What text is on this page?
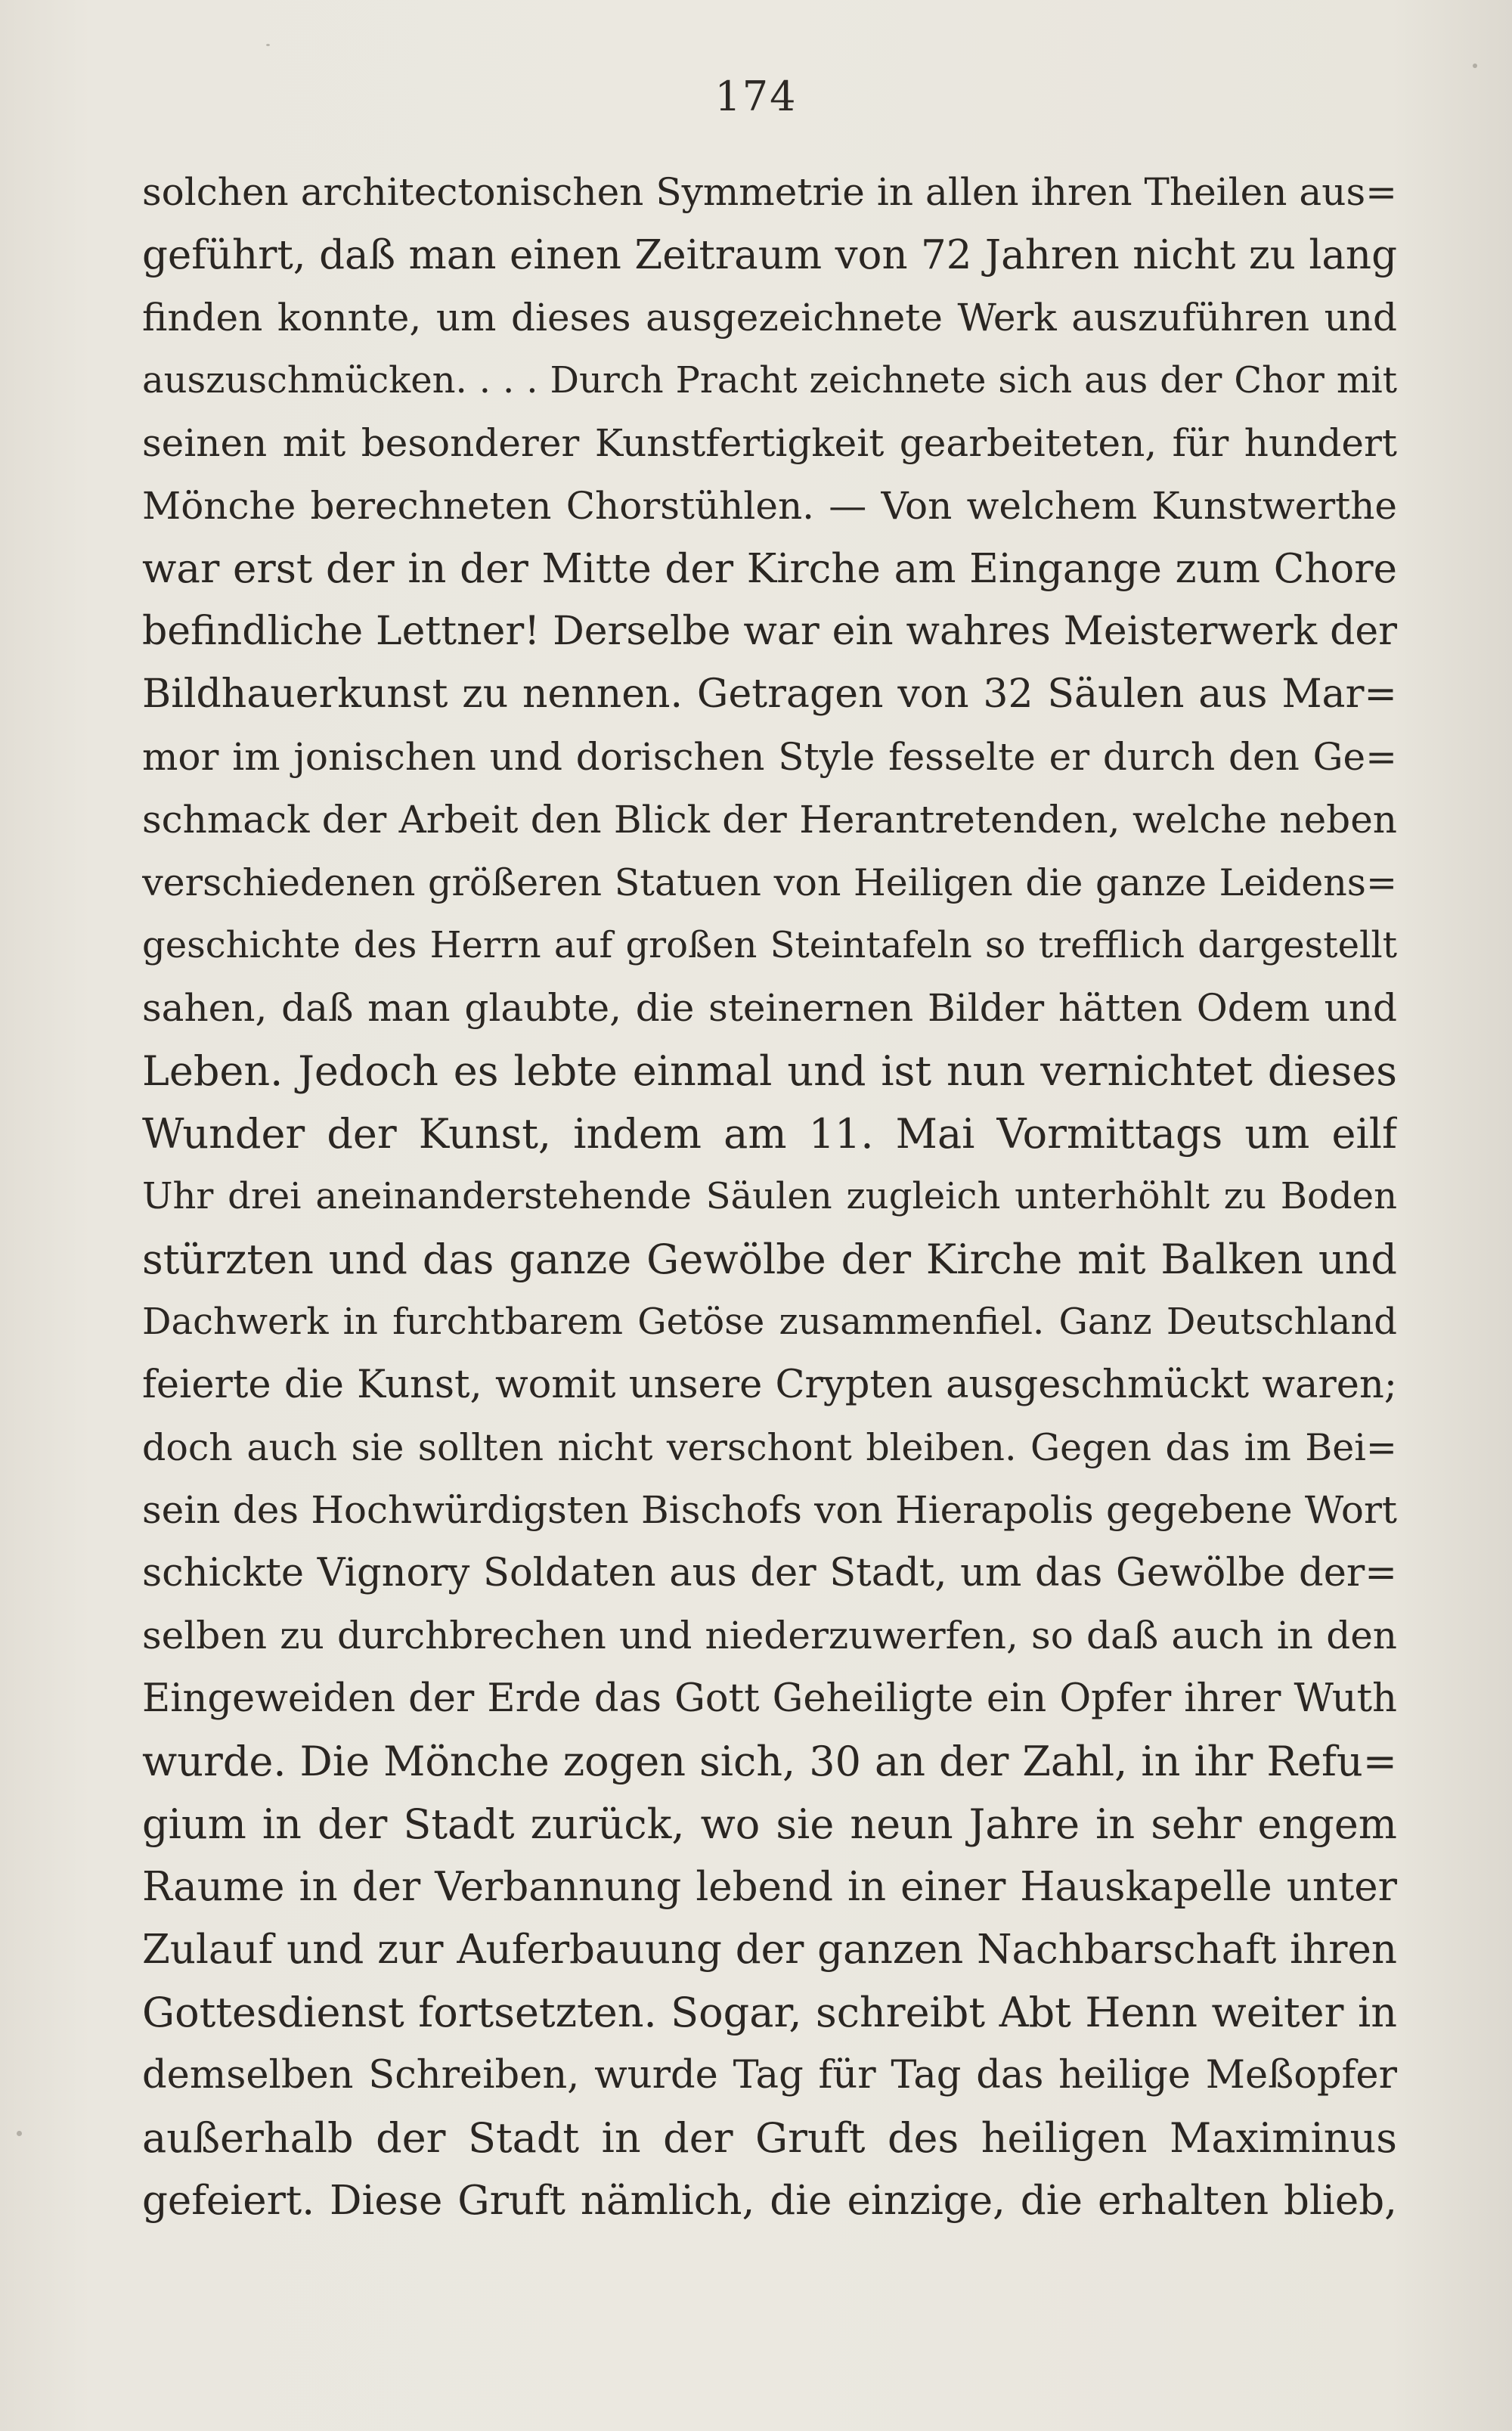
174
solchen architectonischen Symmetrie in allen ihren Theilen aus=
geführt, daß man einen Zeitraum von 72 Jahren nicht zu lang
finden konnte, um dieses ausgezeichnete Werk auszuführen und
auszuschmücken. . . . Durch Pracht zeichnete sich aus der Chor mit
seinen mit besonderer Kunstfertigkeit gearbeiteten, für hundert
Mönche berechneten Chorstühlen. — Von welchem Kunstwerthe
war erst der in der Mitte der Kirche am Eingange zum Chore
befindliche Lettner! Derselbe war ein wahres Meisterwerk der
Bildhauerkunst zu nennen. Getragen von 32 Säulen aus Mar=
mor im jonischen und dorischen Style fesselte er durch den Ge=
schmack der Arbeit den Blick der Herantretenden, welche neben
verschiedenen größeren Statuen von Heiligen die ganze Leidens=
geschichte des Herrn auf großen Steintafeln so trefflich dargestellt
sahen, daß man glaubte, die steinernen Bilder hätten Odem und
Leben. Jedoch es lebte einmal und ist nun vernichtet dieses
Wunder der Kunst, indem am 11. Mai Vormittags um eilf
Uhr drei aneinanderstehende Säulen zugleich unterhöhlt zu Boden
stürzten und das ganze Gewölbe der Kirche mit Balken und
Dachwerk in furchtbarem Getöse zusammenfiel. Ganz Deutschland
feierte die Kunst, womit unsere Crypten ausgeschmückt waren;
doch auch sie sollten nicht verschont bleiben. Gegen das im Bei=
sein des Hochwürdigsten Bischofs von Hierapolis gegebene Wort
schickte Vignory Soldaten aus der Stadt, um das Gewölbe der=
selben zu durchbrechen und niederzuwerfen, so daß auch in den
Eingeweiden der Erde das Gott Geheiligte ein Opfer ihrer Wuth
wurde. Die Mönche zogen sich, 30 an der Zahl, in ihr Refu=
gium in der Stadt zurück, wo sie neun Jahre in sehr engem
Raume in der Verbannung lebend in einer Hauskapelle unter
Zulauf und zur Auferbauung der ganzen Nachbarschaft ihren
Gottesdienst fortsetzten. Sogar, schreibt Abt Henn weiter in
demselben Schreiben, wurde Tag für Tag das heilige Meßopfer
außerhalb der Stadt in der Gruft des heiligen Maximinus
gefeiert. Diese Gruft nämlich, die einzige, die erhalten blieb,
